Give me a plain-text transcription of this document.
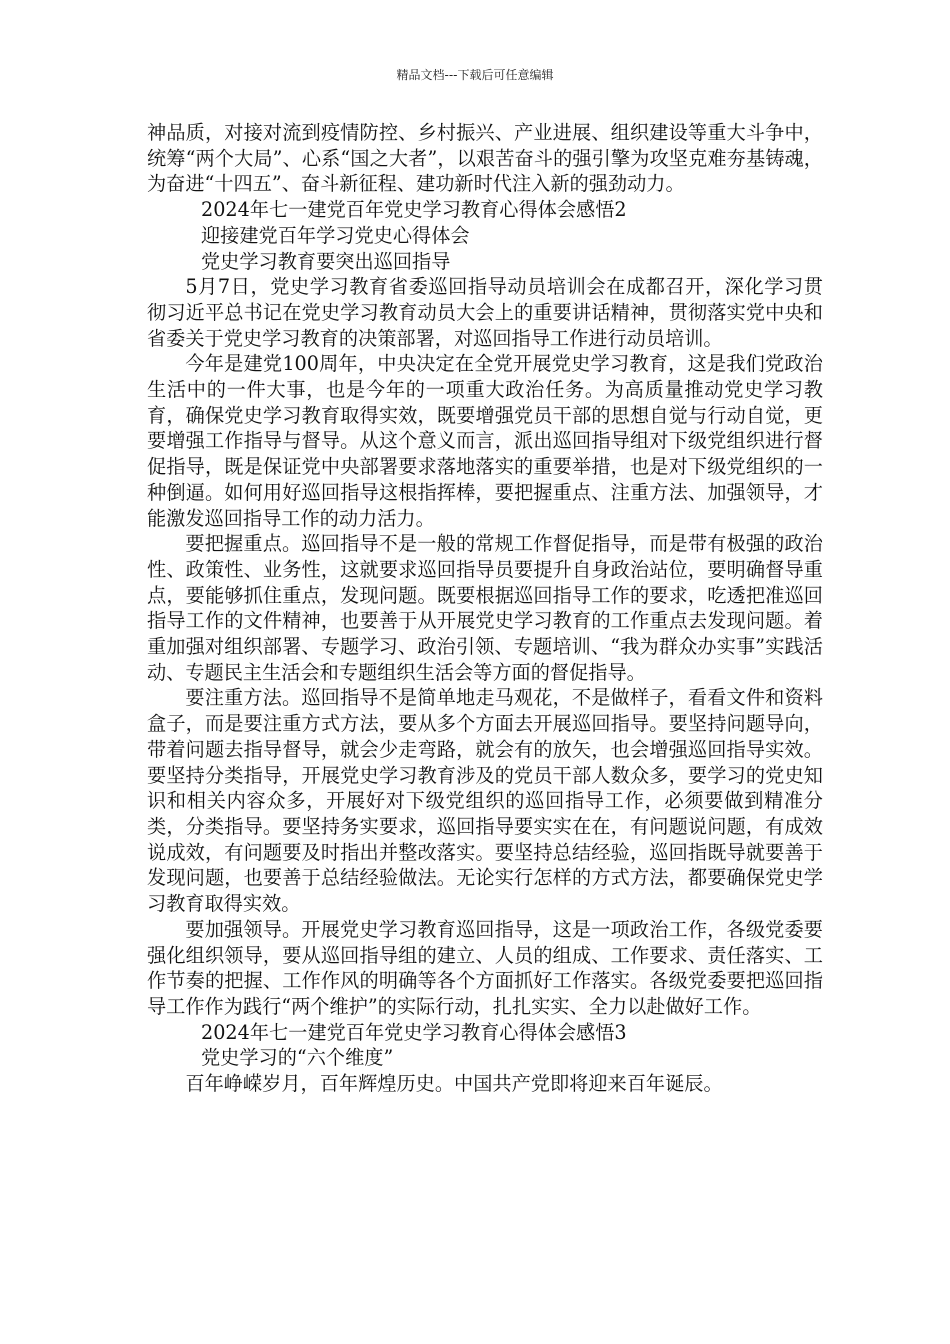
精品文档---下载后可任意编辑

神品质，对接对流到疫情防控、乡村振兴、产业进展、组织建设等重大斗争中，统筹“两个大局”、心系“国之大者”，以艰苦奋斗的强引擎为攻坚克难夯基铸魂，为奋进“十四五”、奋斗新征程、建功新时代注入新的强劲动力。

2024年七一建党百年党史学习教育心得体会感悟2

迎接建党百年学习党史心得体会

党史学习教育要突出巡回指导

5月7日，党史学习教育省委巡回指导动员培训会在成都召开，深化学习贯彻习近平总书记在党史学习教育动员大会上的重要讲话精神，贯彻落实党中央和省委关于党史学习教育的决策部署，对巡回指导工作进行动员培训。

今年是建党100周年，中央决定在全党开展党史学习教育，这是我们党政治生活中的一件大事，也是今年的一项重大政治任务。为高质量推动党史学习教育，确保党史学习教育取得实效，既要增强党员干部的思想自觉与行动自觉，更要增强工作指导与督导。从这个意义而言，派出巡回指导组对下级党组织进行督促指导，既是保证党中央部署要求落地落实的重要举措，也是对下级党组织的一种倒逼。如何用好巡回指导这根指挥棒，要把握重点、注重方法、加强领导，才能激发巡回指导工作的动力活力。

要把握重点。巡回指导不是一般的常规工作督促指导，而是带有极强的政治性、政策性、业务性，这就要求巡回指导员要提升自身政治站位，要明确督导重点，要能够抓住重点，发现问题。既要根据巡回指导工作的要求，吃透把准巡回指导工作的文件精神，也要善于从开展党史学习教育的工作重点去发现问题。着重加强对组织部署、专题学习、政治引领、专题培训、“我为群众办实事”实践活动、专题民主生活会和专题组织生活会等方面的督促指导。

要注重方法。巡回指导不是简单地走马观花，不是做样子，看看文件和资料盒子，而是要注重方式方法，要从多个方面去开展巡回指导。要坚持问题导向，带着问题去指导督导，就会少走弯路，就会有的放矢，也会增强巡回指导实效。要坚持分类指导，开展党史学习教育涉及的党员干部人数众多，要学习的党史知识和相关内容众多，开展好对下级党组织的巡回指导工作，必须要做到精准分类，分类指导。要坚持务实要求，巡回指导要实实在在，有问题说问题，有成效说成效，有问题要及时指出并整改落实。要坚持总结经验，巡回指既导就要善于发现问题，也要善于总结经验做法。无论实行怎样的方式方法，都要确保党史学习教育取得实效。

要加强领导。开展党史学习教育巡回指导，这是一项政治工作，各级党委要强化组织领导，要从巡回指导组的建立、人员的组成、工作要求、责任落实、工作节奏的把握、工作作风的明确等各个方面抓好工作落实。各级党委要把巡回指导工作作为践行“两个维护”的实际行动，扎扎实实、全力以赴做好工作。

2024年七一建党百年党史学习教育心得体会感悟3

党史学习的“六个维度”

百年峥嵘岁月，百年辉煌历史。中国共产党即将迎来百年诞辰。
